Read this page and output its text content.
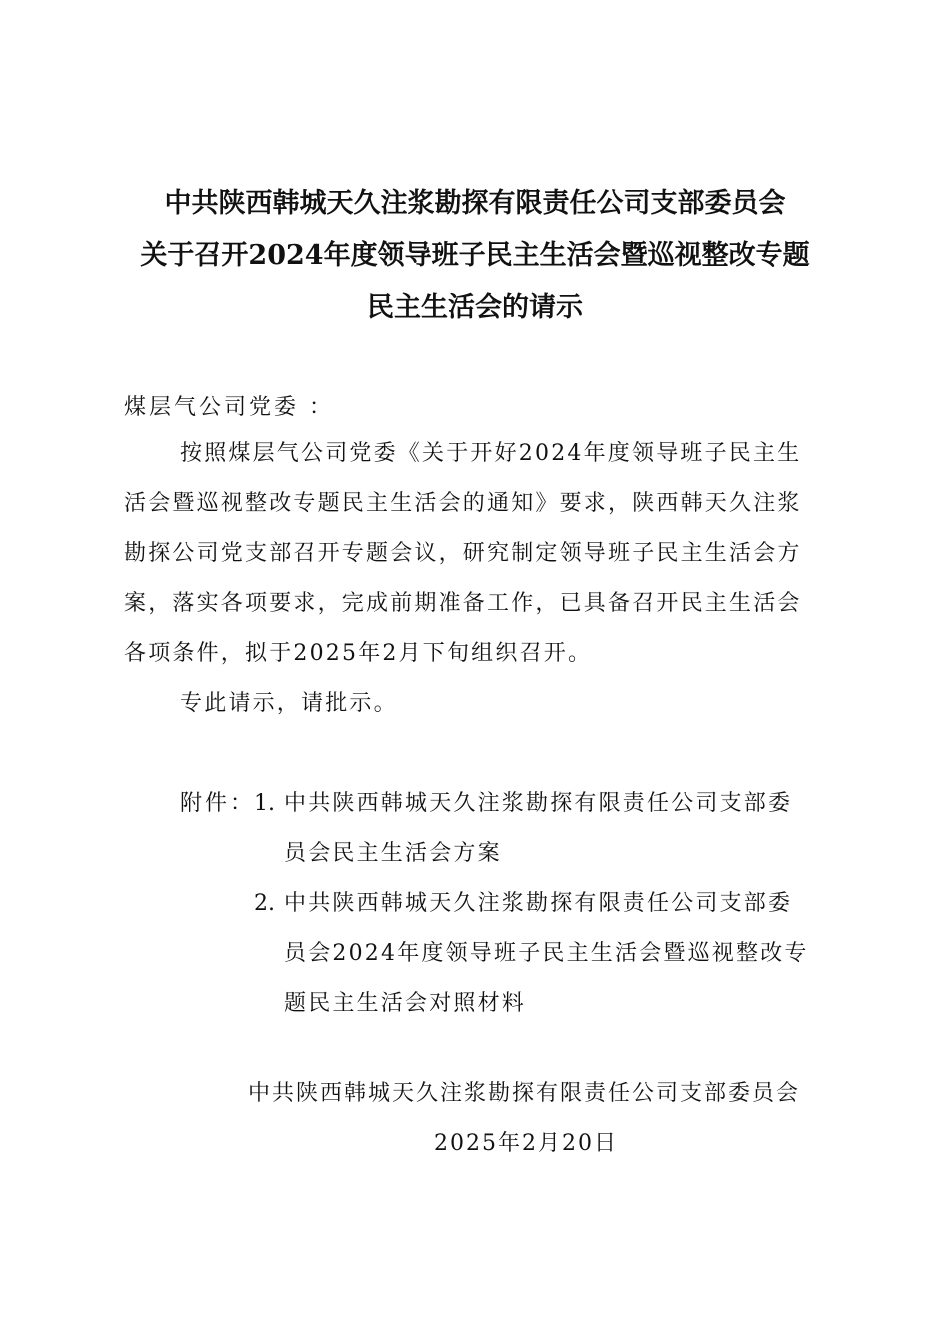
中共陕西韩城天久注浆勘探有限责任公司支部委员会
关于召开2024年度领导班子民主生活会暨巡视整改专题
民主生活会的请示
煤层气公司党委 ：
按照煤层气公司党委《关于开好2024年度领导班子民主生
活会暨巡视整改专题民主生活会的通知》要求，陕西韩天久注浆
勘探公司党支部召开专题会议，研究制定领导班子民主生活会方
案，落实各项要求，完成前期准备工作，已具备召开民主生活会
各项条件，拟于2025年2月下旬组织召开。
专此请示，请批示。
附件：
1. 中共陕西韩城天久注浆勘探有限责任公司支部委
员会民主生活会方案
2. 中共陕西韩城天久注浆勘探有限责任公司支部委
员会2024年度领导班子民主生活会暨巡视整改专
题民主生活会对照材料
中共陕西韩城天久注浆勘探有限责任公司支部委员会
2025年2月20日
